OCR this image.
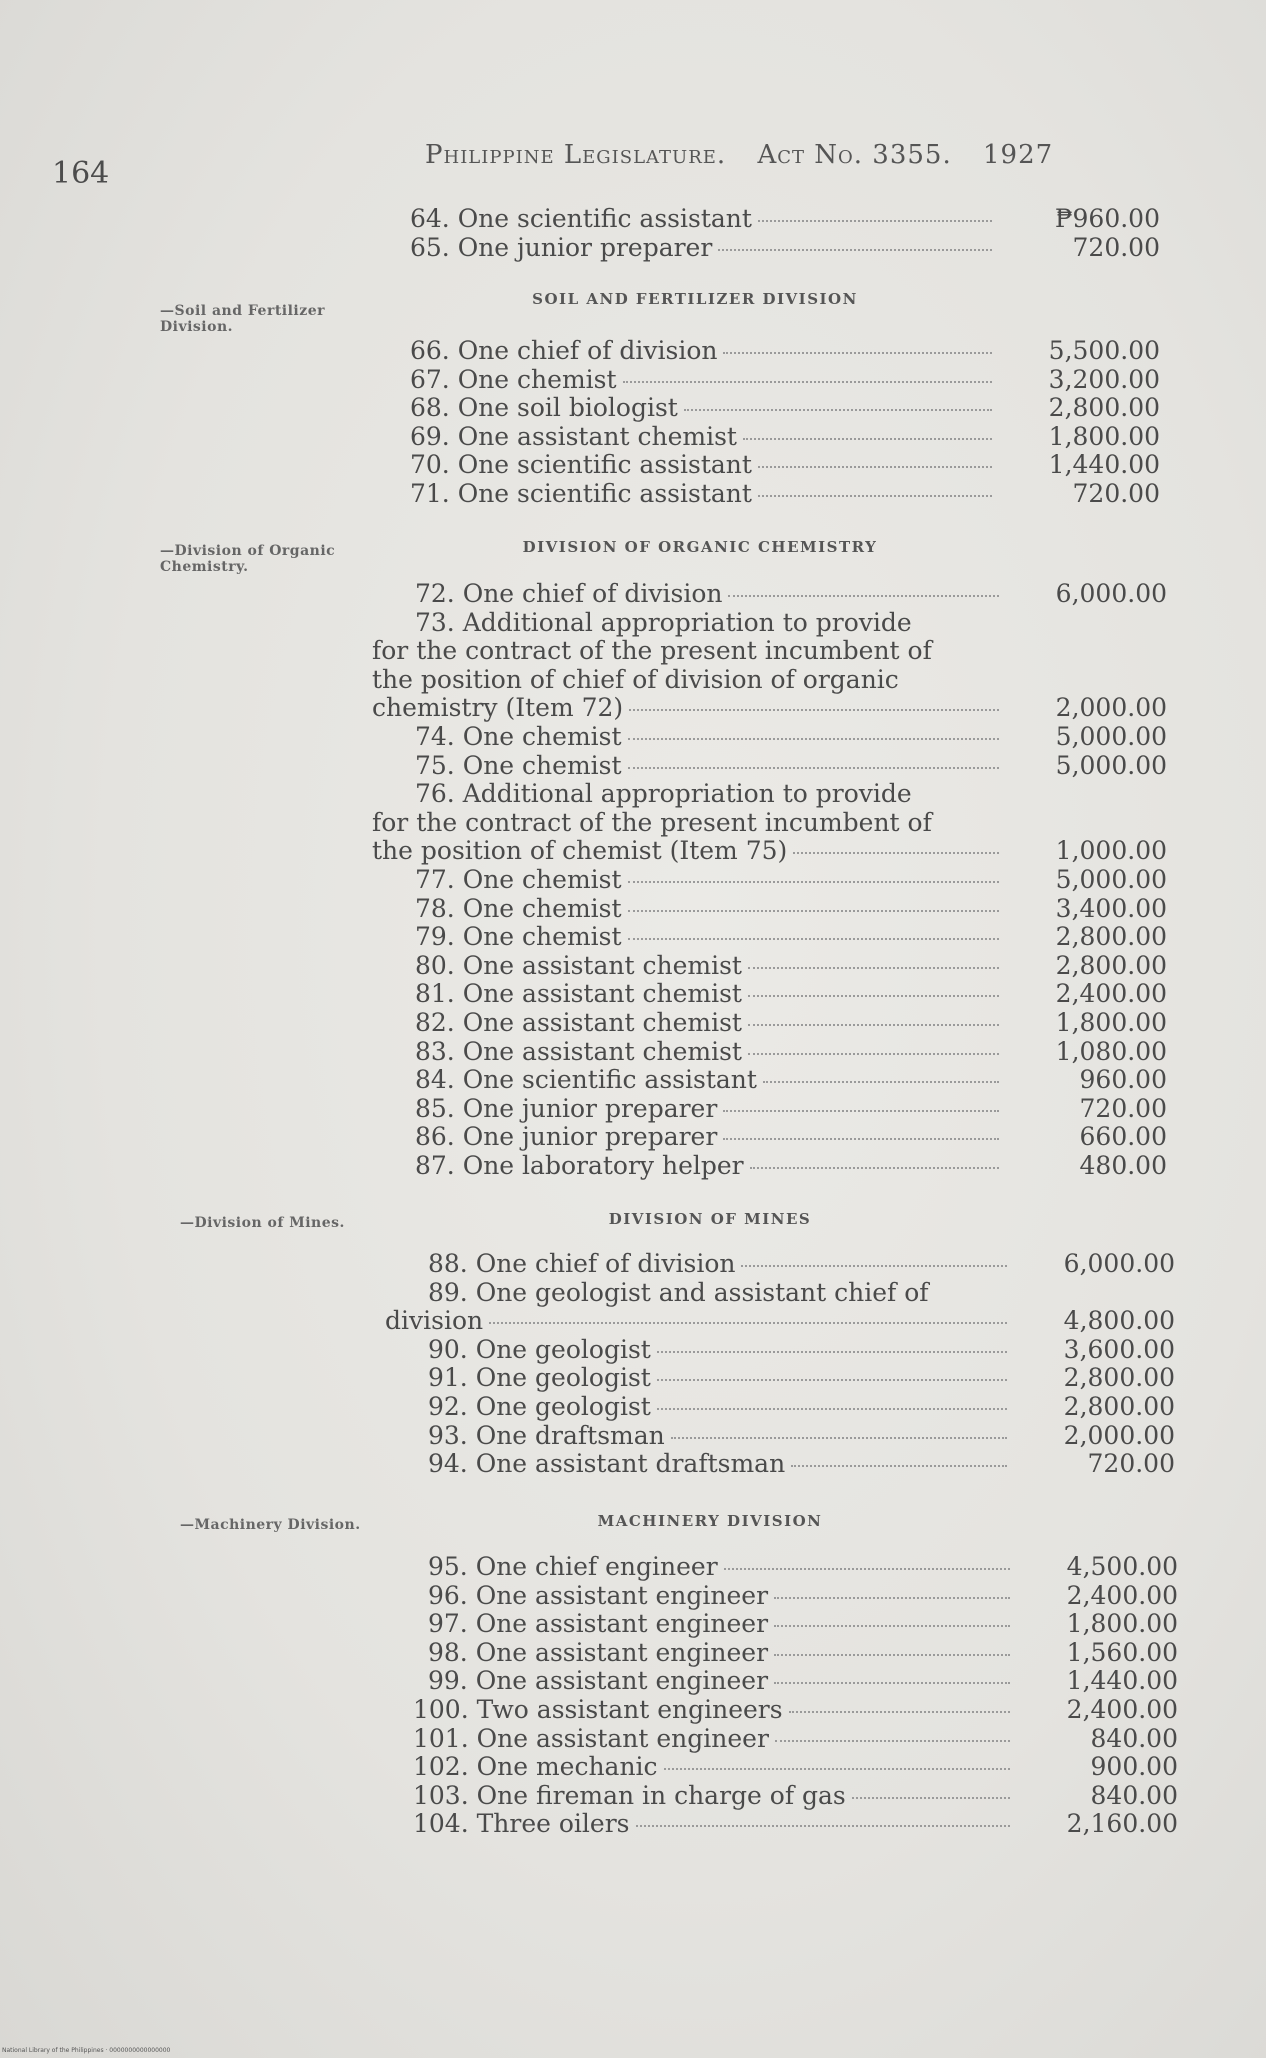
164
Philippine Legislature. Act No. 3355. 1927
—Soil and Fertilizer Division.
—Division of Organic Chemistry.
—Division of Mines.
—Machinery Division.
64. One scientific assistant	₱960.00
65. One junior preparer	720.00
SOIL AND FERTILIZER DIVISION
66. One chief of division	5,500.00
67. One chemist	3,200.00
68. One soil biologist	2,800.00
69. One assistant chemist	1,800.00
70. One scientific assistant	1,440.00
71. One scientific assistant	720.00
DIVISION OF ORGANIC CHEMISTRY
72. One chief of division	6,000.00
73. Additional appropriation to provide
for the contract of the present incumbent of
the position of chief of division of organic
chemistry (Item 72)	2,000.00
74. One chemist	5,000.00
75. One chemist	5,000.00
76. Additional appropriation to provide
for the contract of the present incumbent of
the position of chemist (Item 75)	1,000.00
77. One chemist	5,000.00
78. One chemist	3,400.00
79. One chemist	2,800.00
80. One assistant chemist	2,800.00
81. One assistant chemist	2,400.00
82. One assistant chemist	1,800.00
83. One assistant chemist	1,080.00
84. One scientific assistant	960.00
85. One junior preparer	720.00
86. One junior preparer	660.00
87. One laboratory helper	480.00
DIVISION OF MINES
88. One chief of division	6,000.00
89. One geologist and assistant chief of
division	4,800.00
90. One geologist	3,600.00
91. One geologist	2,800.00
92. One geologist	2,800.00
93. One draftsman	2,000.00
94. One assistant draftsman	720.00
MACHINERY DIVISION
95. One chief engineer	4,500.00
96. One assistant engineer	2,400.00
97. One assistant engineer	1,800.00
98. One assistant engineer	1,560.00
99. One assistant engineer	1,440.00
100. Two assistant engineers	2,400.00
101. One assistant engineer	840.00
102. One mechanic	900.00
103. One fireman in charge of gas	840.00
104. Three oilers	2,160.00
National Library of the Philippines · 0000000000000000
